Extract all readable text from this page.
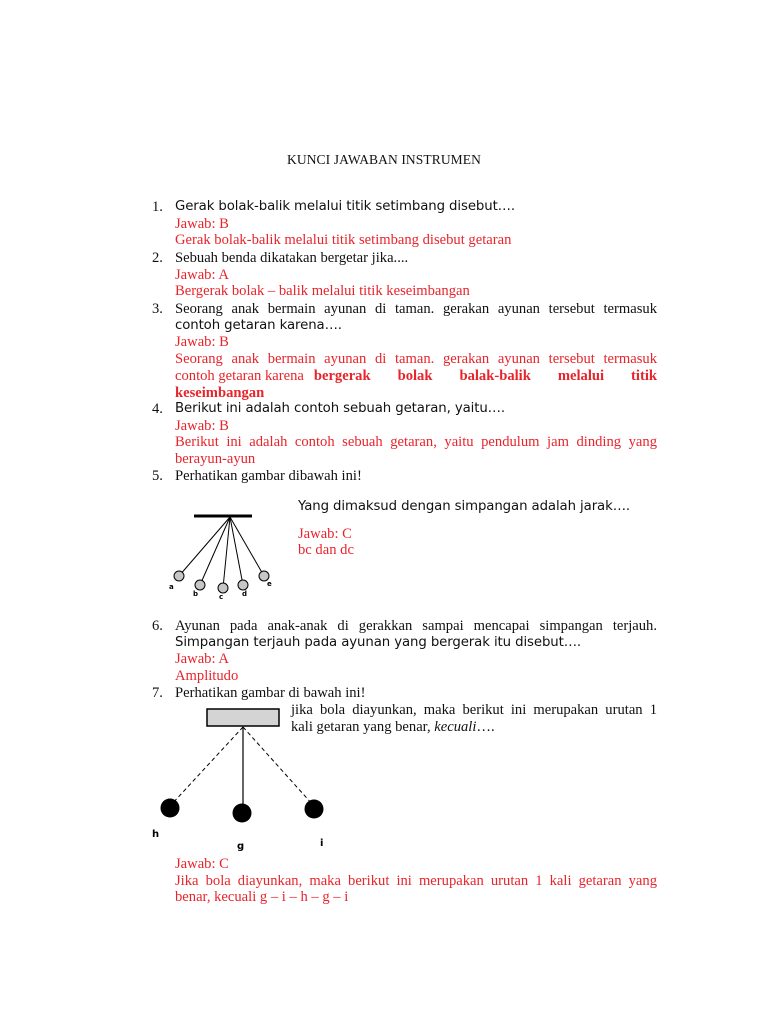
KUNCI JAWABAN INSTRUMEN
1. Gerak bolak-balik melalui titik setimbang disebut….
Jawab: B
Gerak bolak-balik melalui titik setimbang disebut getaran
2. Sebuah benda dikatakan bergetar jika....
Jawab: A
Bergerak bolak – balik melalui titik keseimbangan
3. Seorang anak bermain ayunan di taman. gerakan ayunan tersebut termasuk
contoh getaran karena….
Jawab: B
Seorang anak bermain ayunan di taman. gerakan ayunan tersebut termasuk
contoh getaran karena bergerak bolak balak-balik melalui titik
keseimbangan
4. Berikut ini adalah contoh sebuah getaran, yaitu….
Jawab: B
Berikut ini adalah contoh sebuah getaran, yaitu pendulum jam dinding yang
berayun-ayun
5. Perhatikan gambar dibawah ini!
Yang dimaksud dengan simpangan adalah jarak….
Jawab: C
bc dan dc
a
b	c	d
e
6. Ayunan pada anak-anak di gerakkan sampai mencapai simpangan terjauh.
Simpangan terjauh pada ayunan yang bergerak itu disebut….
Jawab: A
Amplitudo
7. Perhatikan gambar di bawah ini!
jika bola diayunkan, maka berikut ini merupakan urutan 1
kali getaran yang benar, kecuali….
h
g	i
Jawab: C
Jika bola diayunkan, maka berikut ini merupakan urutan 1 kali getaran yang
benar, kecuali g – i – h – g – i
